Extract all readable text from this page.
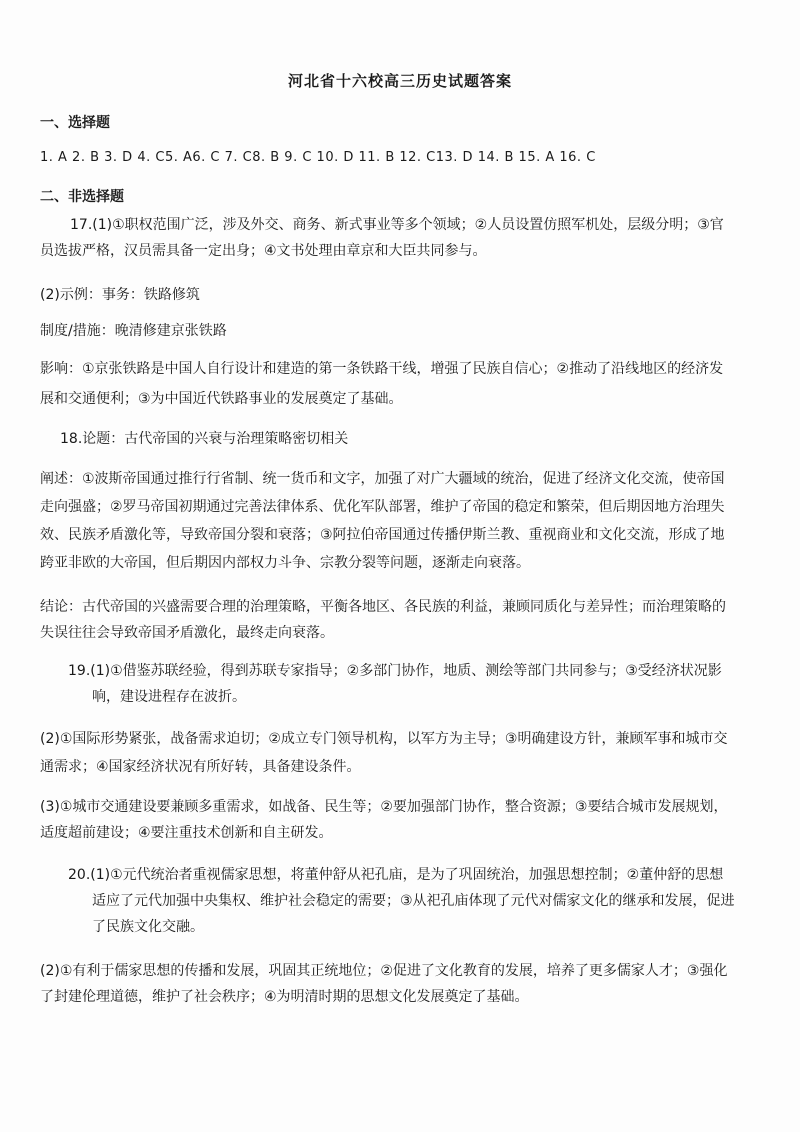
河北省十六校高三历史试题答案
一、选择题
1. A 2. B 3. D 4. C5. A6. C 7. C8. B 9. C 10. D 11. B 12. C13. D 14. B 15. A 16. C
二、非选择题
17.(1)①职权范围广泛，涉及外交、商务、新式事业等多个领域；②人员设置仿照军机处，层级分明；③官
员选拔严格，汉员需具备一定出身；④文书处理由章京和大臣共同参与。
(2)示例：事务：铁路修筑
制度/措施：晚清修建京张铁路
影响：①京张铁路是中国人自行设计和建造的第一条铁路干线，增强了民族自信心；②推动了沿线地区的经济发
展和交通便利；③为中国近代铁路事业的发展奠定了基础。
18.论题：古代帝国的兴衰与治理策略密切相关
阐述：①波斯帝国通过推行行省制、统一货币和文字，加强了对广大疆域的统治，促进了经济文化交流，使帝国
走向强盛；②罗马帝国初期通过完善法律体系、优化军队部署，维护了帝国的稳定和繁荣，但后期因地方治理失
效、民族矛盾激化等，导致帝国分裂和衰落；③阿拉伯帝国通过传播伊斯兰教、重视商业和文化交流，形成了地
跨亚非欧的大帝国，但后期因内部权力斗争、宗教分裂等问题，逐渐走向衰落。
结论：古代帝国的兴盛需要合理的治理策略，平衡各地区、各民族的利益，兼顾同质化与差异性；而治理策略的
失误往往会导致帝国矛盾激化，最终走向衰落。
19.(1)①借鉴苏联经验，得到苏联专家指导；②多部门协作，地质、测绘等部门共同参与；③受经济状况影
响，建设进程存在波折。
(2)①国际形势紧张，战备需求迫切；②成立专门领导机构，以军方为主导；③明确建设方针，兼顾军事和城市交
通需求；④国家经济状况有所好转，具备建设条件。
(3)①城市交通建设要兼顾多重需求，如战备、民生等；②要加强部门协作，整合资源；③要结合城市发展规划，
适度超前建设；④要注重技术创新和自主研发。
20.(1)①元代统治者重视儒家思想，将董仲舒从祀孔庙，是为了巩固统治，加强思想控制；②董仲舒的思想
适应了元代加强中央集权、维护社会稳定的需要；③从祀孔庙体现了元代对儒家文化的继承和发展，促进
了民族文化交融。
(2)①有利于儒家思想的传播和发展，巩固其正统地位；②促进了文化教育的发展，培养了更多儒家人才；③强化
了封建伦理道德，维护了社会秩序；④为明清时期的思想文化发展奠定了基础。
